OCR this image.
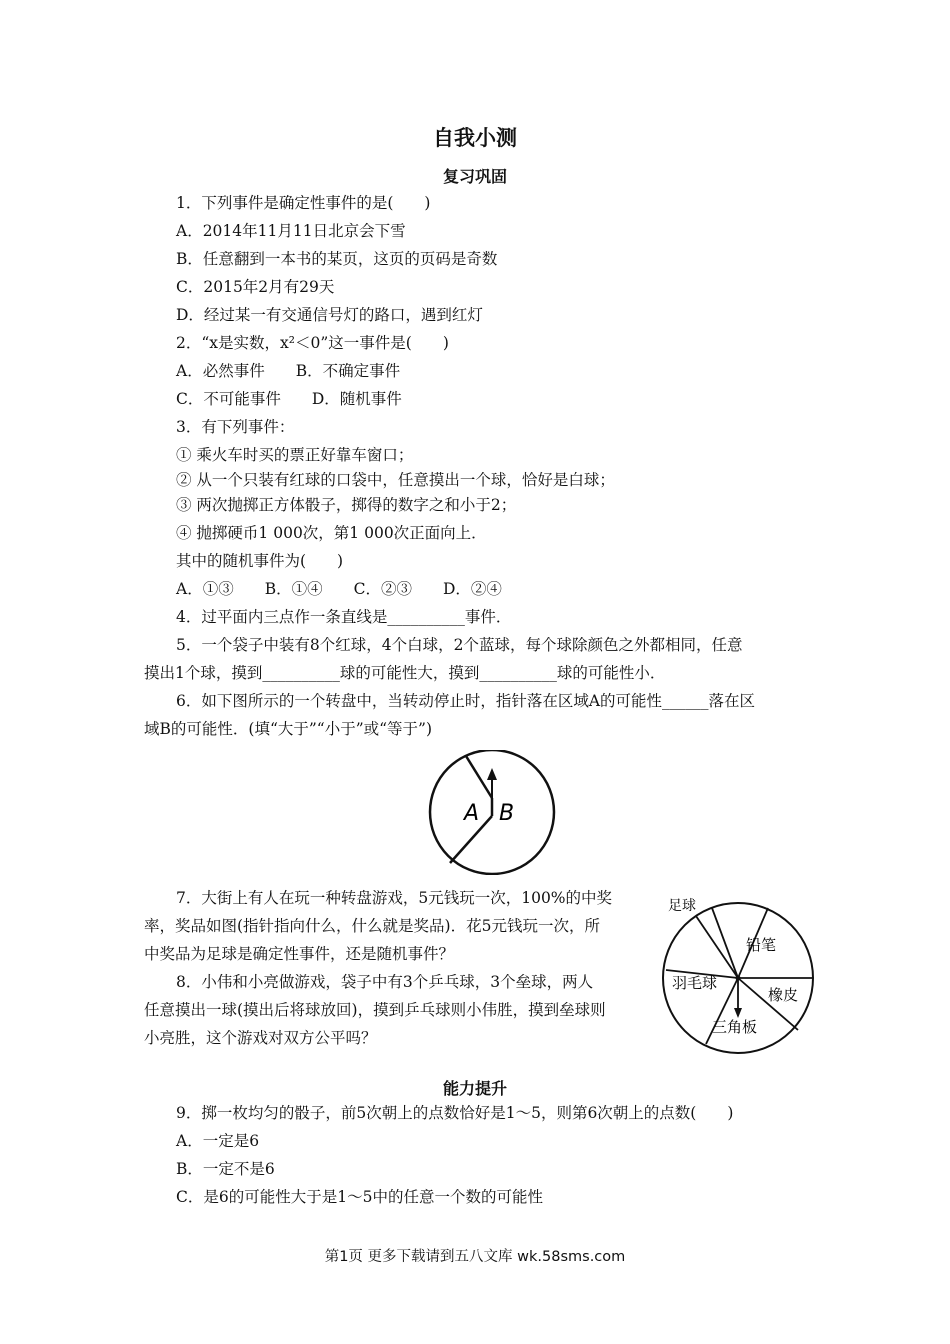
自我小测
复习巩固
1．下列事件是确定性事件的是(　　)
A．2014年11月11日北京会下雪
B．任意翻到一本书的某页，这页的页码是奇数
C．2015年2月有29天
D．经过某一有交通信号灯的路口，遇到红灯
2．“x是实数，x²＜0”这一事件是(　　)
A．必然事件　　B．不确定事件
C．不可能事件　　D．随机事件
3．有下列事件：
① 乘火车时买的票正好靠车窗口；
② 从一个只装有红球的口袋中，任意摸出一个球，恰好是白球；
③ 两次抛掷正方体骰子，掷得的数字之和小于2；
④ 抛掷硬币1 000次，第1 000次正面向上．
其中的随机事件为(　　)
A．①③　　B．①④　　C．②③　　D．②④
4．过平面内三点作一条直线是__________事件．
5．一个袋子中装有8个红球，4个白球，2个蓝球，每个球除颜色之外都相同，任意
摸出1个球，摸到__________球的可能性大，摸到__________球的可能性小．
6．如下图所示的一个转盘中，当转动停止时，指针落在区域A的可能性______落在区
域B的可能性．(填“大于”“小于”或“等于”)
A B
7．大街上有人在玩一种转盘游戏，5元钱玩一次，100%的中奖
率，奖品如图(指针指向什么，什么就是奖品)．花5元钱玩一次，所
中奖品为足球是确定性事件，还是随机事件？
8．小伟和小亮做游戏，袋子中有3个乒乓球，3个垒球，两人
任意摸出一球(摸出后将球放回)，摸到乒乓球则小伟胜，摸到垒球则
小亮胜，这个游戏对双方公平吗？
足球
铅笔
羽毛球
橡皮
三角板
能力提升
9．掷一枚均匀的骰子，前5次朝上的点数恰好是1～5，则第6次朝上的点数(　　)
A．一定是6
B．一定不是6
C．是6的可能性大于是1～5中的任意一个数的可能性
第1页 更多下载请到五八文库 wk.58sms.com
